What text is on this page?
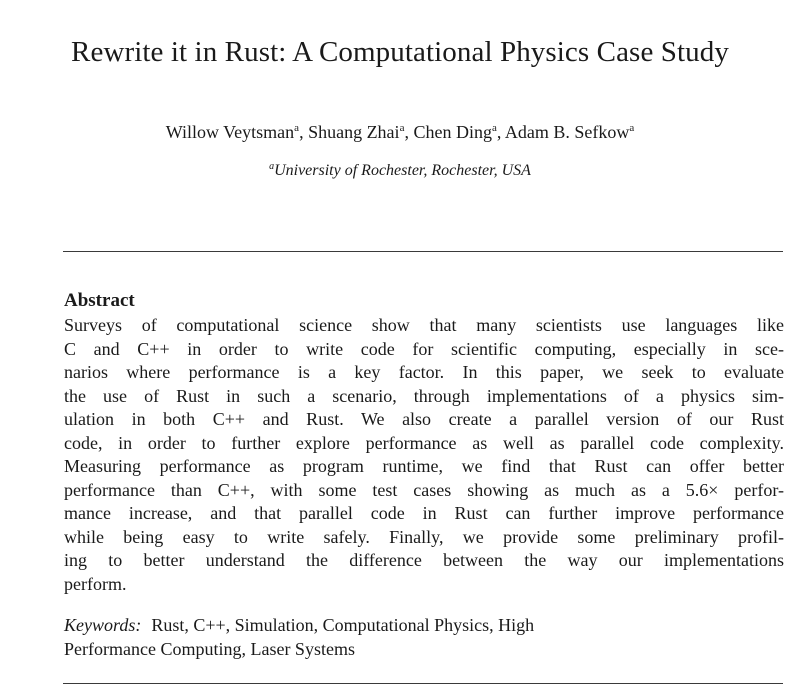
Rewrite it in Rust: A Computational Physics Case Study
Willow Veytsman$^a$, Shuang Zhai$^a$, Chen Ding$^a$, Adam B. Sefkow$^a$
$^a$University of Rochester, Rochester, USA
Abstract
Surveys of computational science show that many scientists use languages like
C and C++ in order to write code for scientific computing, especially in sce-
narios where performance is a key factor. In this paper, we seek to evaluate
the use of Rust in such a scenario, through implementations of a physics sim-
ulation in both C++ and Rust. We also create a parallel version of our Rust
code, in order to further explore performance as well as parallel code complexity.
Measuring performance as program runtime, we find that Rust can offer better
performance than C++, with some test cases showing as much as a 5.6× perfor-
mance increase, and that parallel code in Rust can further improve performance
while being easy to write safely. Finally, we provide some preliminary profil-
ing to better understand the difference between the way our implementations
perform.
Keywords: Rust, C++, Simulation, Computational Physics, High
Performance Computing, Laser Systems
